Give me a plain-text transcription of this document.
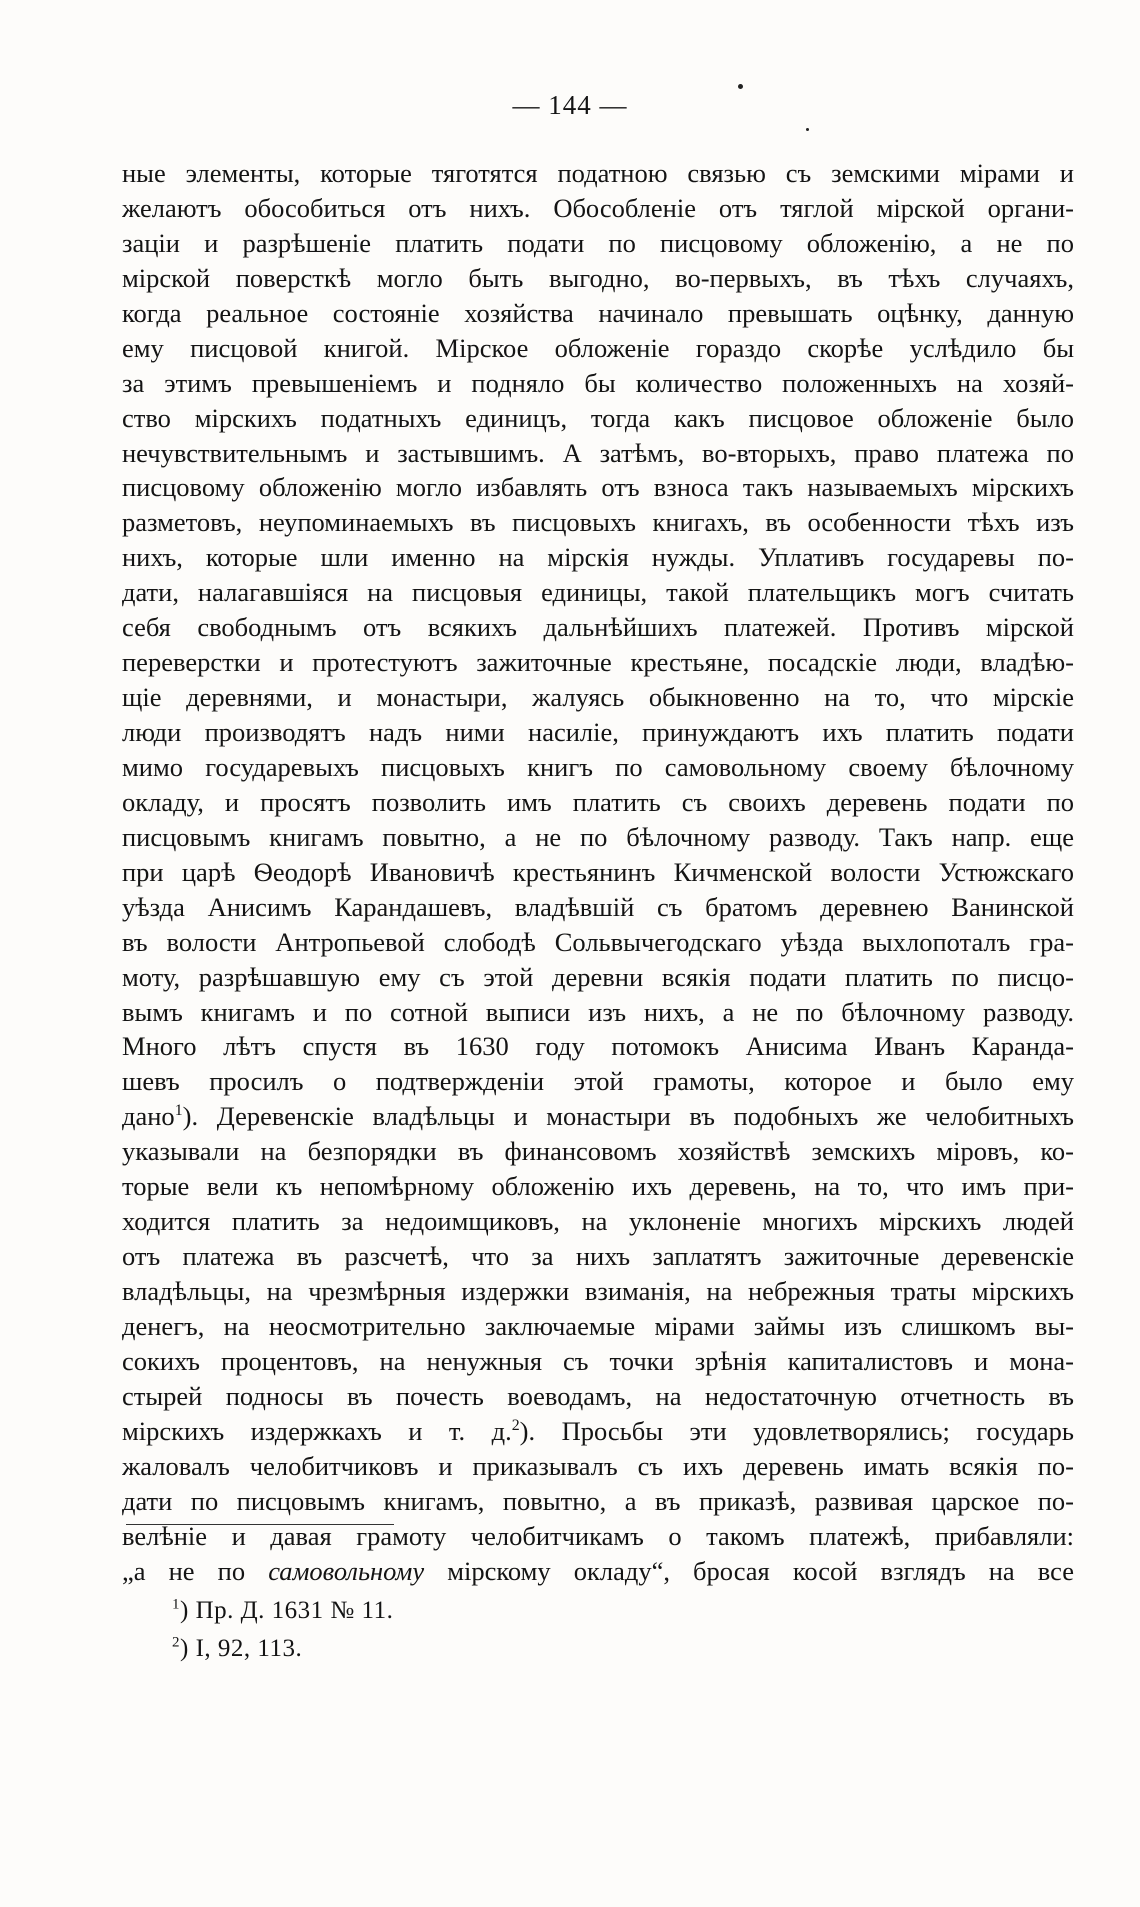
— 144 —
ные элементы, которые тяготятся податною связью съ земскими мірами и
желаютъ обособиться отъ нихъ. Обособленіе отъ тяглой мірской органи-
заціи и разрѣшеніе платить подати по писцовому обложенію, а не по
мірской поверсткѣ могло быть выгодно, во-первыхъ, въ тѣхъ случаяхъ,
когда реальное состояніе хозяйства начинало превышать оцѣнку, данную
ему писцовой книгой. Мірское обложеніе гораздо скорѣе услѣдило бы
за этимъ превышеніемъ и подняло бы количество положенныхъ на хозяй-
ство мірскихъ податныхъ единицъ, тогда какъ писцовое обложеніе было
нечувствительнымъ и застывшимъ. А затѣмъ, во-вторыхъ, право платежа по
писцовому обложенію могло избавлять отъ взноса такъ называемыхъ мірскихъ
разметовъ, неупоминаемыхъ въ писцовыхъ книгахъ, въ особенности тѣхъ изъ
нихъ, которые шли именно на мірскія нужды. Уплативъ государевы по-
дати, налагавшіяся на писцовыя единицы, такой плательщикъ могъ считать
себя свободнымъ отъ всякихъ дальнѣйшихъ платежей. Противъ мірской
переверстки и протестуютъ зажиточные крестьяне, посадскіе люди, владѣю-
щіе деревнями, и монастыри, жалуясь обыкновенно на то, что мірскіе
люди производятъ надъ ними насиліе, принуждаютъ ихъ платить подати
мимо государевыхъ писцовыхъ книгъ по самовольному своему бѣлочному
окладу, и просятъ позволить имъ платить съ своихъ деревень подати по
писцовымъ книгамъ повытно, а не по бѣлочному разводу. Такъ напр. еще
при царѣ Ѳеодорѣ Ивановичѣ крестьянинъ Кичменской волости Устюжскаго
уѣзда Анисимъ Карандашевъ, владѣвшій съ братомъ деревнею Ванинской
въ волости Антропьевой слободѣ Сольвычегодскаго уѣзда выхлопоталъ гра-
моту, разрѣшавшую ему съ этой деревни всякія подати платить по писцо-
вымъ книгамъ и по сотной выписи изъ нихъ, а не по бѣлочному разводу.
Много лѣтъ спустя въ 1630 году потомокъ Анисима Иванъ Каранда-
шевъ просилъ о подтвержденіи этой грамоты, которое и было ему
дано$^1$). Деревенскіе владѣльцы и монастыри въ подобныхъ же челобитныхъ
указывали на безпорядки въ финансовомъ хозяйствѣ земскихъ міровъ, ко-
торые вели къ непомѣрному обложенію ихъ деревень, на то, что имъ при-
ходится платить за недоимщиковъ, на уклоненіе многихъ мірскихъ людей
отъ платежа въ разсчетѣ, что за нихъ заплатятъ зажиточные деревенскіе
владѣльцы, на чрезмѣрныя издержки взиманія, на небрежныя траты мірскихъ
денегъ, на неосмотрительно заключаемые мірами займы изъ слишкомъ вы-
сокихъ процентовъ, на ненужныя съ точки зрѣнія капиталистовъ и мона-
стырей подносы въ почесть воеводамъ, на недостаточную отчетность въ
мірскихъ издержкахъ и т. д.$^2$). Просьбы эти удовлетворялись; государь
жаловалъ челобитчиковъ и приказывалъ съ ихъ деревень имать всякія по-
дати по писцовымъ книгамъ, повытно, а въ приказѣ, развивая царское по-
велѣніе и давая грамоту челобитчикамъ о такомъ платежѣ, прибавляли:
„а не по самовольному мірскому окладу“, бросая косой взглядъ на все
$^1$) Пр. Д. 1631 № 11.
$^2$) I, 92, 113.
